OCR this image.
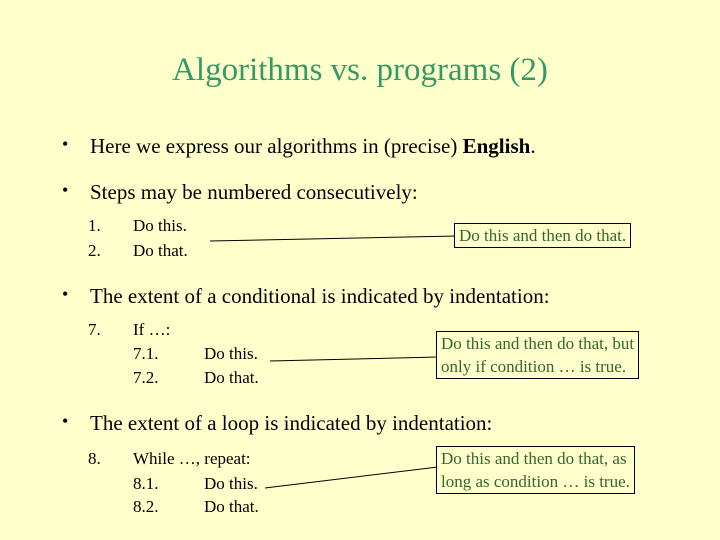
Algorithms vs. programs (2)
• Here we express our algorithms in (precise) English.
• Steps may be numbered consecutively:
1. Do this.
2. Do that.
• The extent of a conditional is indicated by indentation:
7. If …:
7.1.	Do this.
7.2.	Do that.
• The extent of a loop is indicated by indentation:
8. While …, repeat:
8.1.	Do this.
8.2.	Do that.
Do this and then do that.
Do this and then do that, but
only if condition … is true.
Do this and then do that, as
long as condition … is true.
